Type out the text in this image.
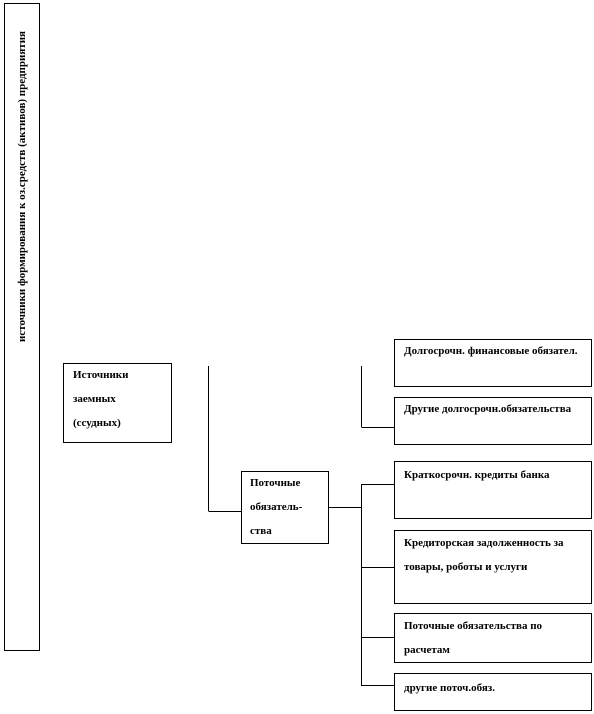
источники формирования к оз.средств (активов) предприятия
Источники заемных (ссудных)
Поточные обязатель-ства
Долгосрочн. финансовые обязател.
Другие долгосрочн.обязательства
Краткосрочн. кредиты банка
Кредиторская задолженность за товары, роботы и услуги
Поточные обязательства по расчетам
другие поточ.обяз.
